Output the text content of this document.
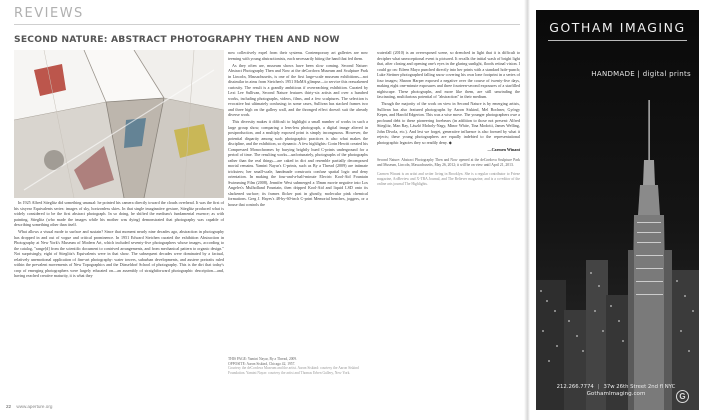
REVIEWS
SECOND NATURE: ABSTRACT PHOTOGRAPHY THEN AND NOW

In 1925 Alfred Stieglitz did something unusual: he pointed his camera directly toward the clouds overhead. It was the first of his sixyear Equivalents series: images of sky, horizonless skies. In that single imaginative gesture, Stieglitz produced what is widely considered to be the first abstract photograph. In so doing, he shifted the medium's fundamental essence; as with painting, Stieglitz (who made the images while his mother was dying) demonstrated that photography was capable of describing something other than itself.

What allows a visual mode to surface and sustain? Since that moment nearly nine decades ago, abstraction in photography has dropped in and out of vogue and critical prominence. In 1951 Edward Steichen curated the exhibition Abstraction in Photography at New York's Museum of Modern Art, which included seventy-five photographers whose images, according to the catalog, "range[d] from the scientific document to contrived arrangements, and from mechanical pattern to organic design." Not surprisingly, eight of Stieglitz's Equivalents were in that show. The subsequent decades were dominated by a factual, relatively unemotional application of fine-art photography: water towers, suburban developments, and austere portraits ruled within the prevalent movements of New Topographics and the Düsseldorf School of photography. This is the dirt that today's crop of emerging photographers were largely educated on—an assembly of straightforward photographic description—and, having reached creative maturity, it is what they

now collectively expel from their systems. Contemporary art galleries are now teeming with young abstractionists, each necessarily biting the hand that fed them.

As they often are, museum shows have been slow coming. Second Nature: Abstract Photography Then and Now at the deCordova Museum and Sculpture Park in Lincoln, Massachusetts, is one of the first large-scale museum exhibitions—not dissimilar in aims from Steichen's 1951 MoMA glimpse—to service this reawakened curiosity. The result is a grandly ambitious if overreaching exhibition. Curated by Lexi Lee Sullivan, Second Nature features thirty-six artists and over a hundred works, including photographs, videos, films, and a few sculptures. The selection is evocative but ultimately confusing; in some cases, Sullivan has stacked frames two and three high on the gallery wall, and the thronged effect doesn't suit the already diverse work.

This diversity makes it difficult to highlight a small number of works in such a large group show, comparing a lens-less photograph, a digital image altered in postproduction, and a multiply exposed print is simply incongruous. However, the potential disparity among such photographic practices is also what makes the discipline, and the exhibition, so dynamic. A few highlights: Corin Hewitt created his Compressed Monochromes by burying brightly hued C-prints underground for a period of time. The resulting works—unfortunately, photographs of the photographs rather than the real things—are caked in dirt and resemble partially decomposed mortal remains. Yamini Nayar's C-prints, such as By a Thread (2009) are intimate tricksters; her small-scale, handmade constructs confuse spatial logic and deny orientation. In making the four-and-a-half-minute Electric Kool-Aid Fountain Swimming Film (2008), Jennifer West submerged a 35mm movie negative into Los Angeles's Mulholland Fountain, then dripped Kool-Aid and liquid LSD onto its slackened surface; its frames flicker past in ghostly, molecular pink chemical formations. Greg J. Hayes's 48-by-60-inch C-print Memorial benches, joggers, or a house that controls the

THIS PAGE: Yamini Nayar, By a Thread, 2009.
OPPOSITE: Aaron Siskind, Chicago 42, 1957.
Courtesy the deCordova Museum and the artist. Aaron Siskind: courtesy the Aaron Siskind Foundation. Yamini Nayar: courtesy the artist and Thomas Erben Gallery, New York.

waterfall (2010) is an overexposed scene, so drenched in light that it is difficult to decipher what unexceptional event is pictured. It recalls the initial wash of bright light that, after closing and opening one's eyes in the glaring sunlight, floods retinal vision. I could go on: Eileen Mayo punched directly into her prints with a standard hole-punch; Luke Stettner photographed falling snow covering his own lone footprint in a series of four images; Sharon Harper exposed a negative over the course of twenty-five days, making eight one-minute exposures and three fourteen-second exposures of a starfilled nightscape. These photographs, and more like them, are still unwinding the fascinating, multifarious potential of "abstraction" in their medium.

Though the majority of the work on view in Second Nature is by emerging artists, Sullivan has also featured photographs by Aaron Siskind, Mel Bochner, György Kepes, and Harold Edgerton. This was a wise move. The younger photographers owe a profound debt to these pioneering forebears (in addition to those not present: Alfred Stieglitz, Man Ray, László Moholy-Nagy, Minor White, Tina Modotti, James Welling, John Divola, etc.). And lest we forget, generative influence is also formed by what it rejects; these young photographers are equally indebted to the representational photographic legacies they so readily deny. ◆

—Carmen Winant
Second Nature: Abstract Photography Then and Now opened at the deCordova Sculpture Park and Museum, Lincoln, Massachusetts, May 26, 2012; it will be on view until April 21, 2013.
Carmen Winant is an artist and writer living in Brooklyn. She is a regular contributor to Frieze magazine, ArtReview and X-TRA Journal, and The Believer magazine, and is a co-editor of the online arts journal The Highlights.
22 www.aperture.org
GOTHAM IMAGING
HANDMADE | digital prints
212.266.7774 | 37w 26th Street 2nd fl NYC
GothamImaging.com	G
